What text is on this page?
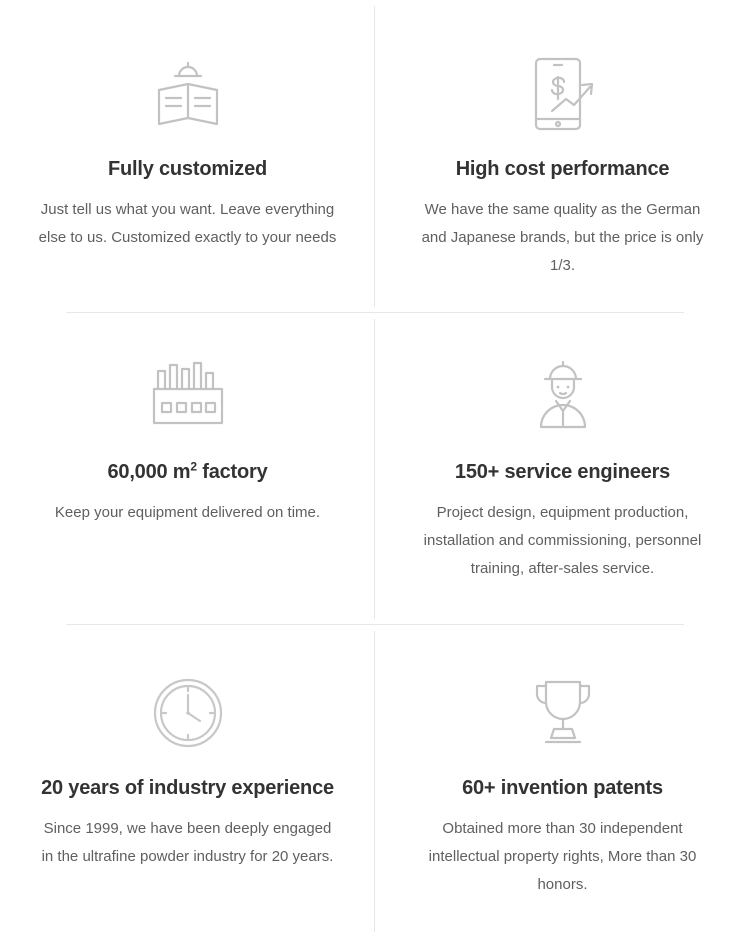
Fully customized

Just tell us what you want. Leave everything else to us. Customized exactly to your needs

High cost performance

We have the same quality as the German and Japanese brands, but the price is only 1/3.

60,000 $m^2$ factory

Keep your equipment delivered on time.

150+ service engineers

Project design, equipment production, installation and commissioning, personnel training, after-sales service.

20 years of industry experience

Since 1999, we have been deeply engaged in the ultrafine powder industry for 20 years.

60+ invention patents

Obtained more than 30 independent intellectual property rights, More than 30 honors.
